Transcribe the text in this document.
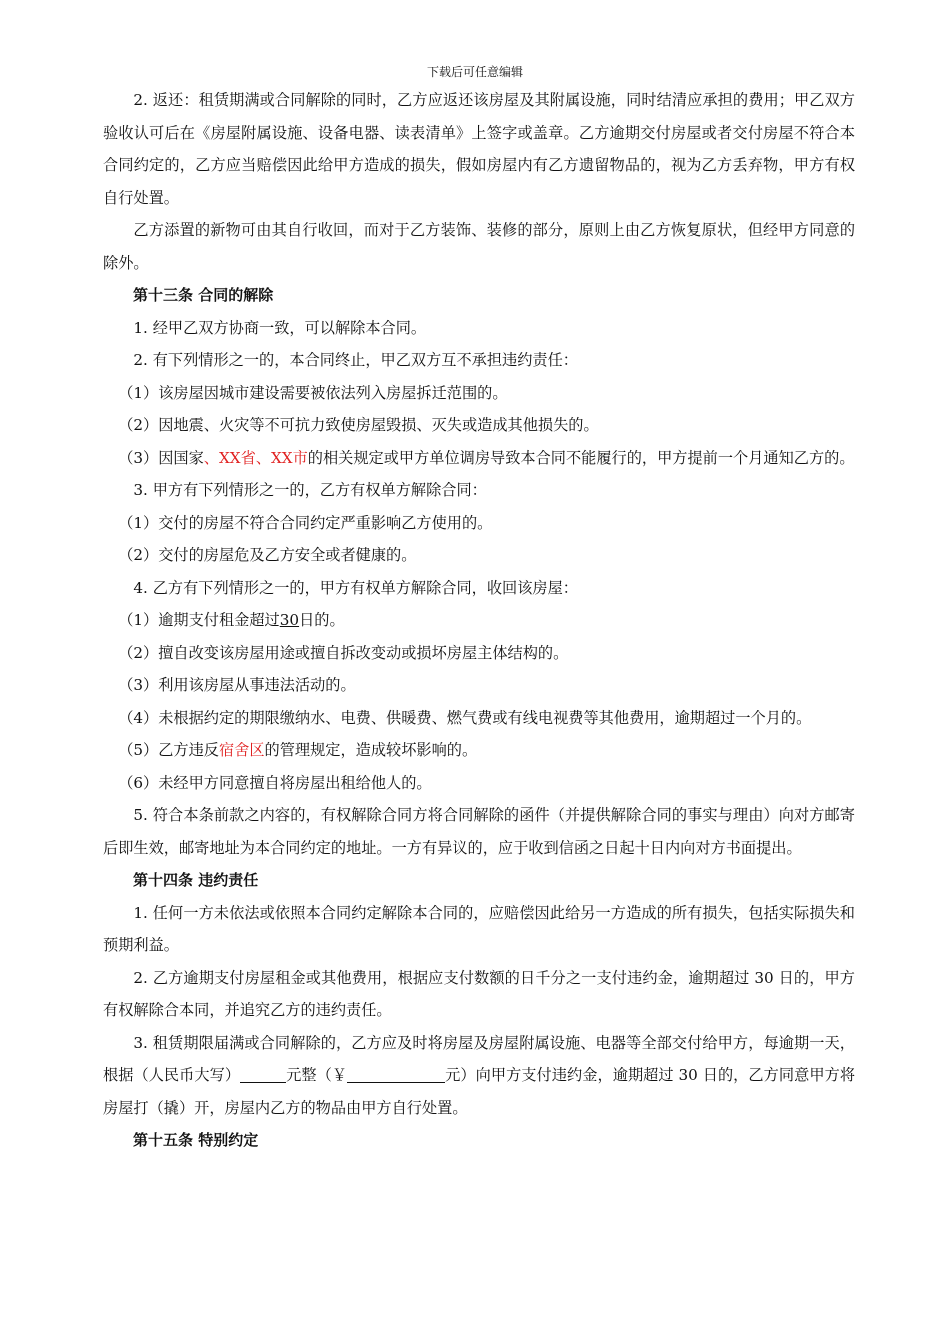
下载后可任意编辑

2. 返还：租赁期满或合同解除的同时，乙方应返还该房屋及其附属设施，同时结清应承担的费用；甲乙双方验收认可后在《房屋附属设施、设备电器、读表清单》上签字或盖章。乙方逾期交付房屋或者交付房屋不符合本合同约定的，乙方应当赔偿因此给甲方造成的损失，假如房屋内有乙方遗留物品的，视为乙方丢弃物，甲方有权自行处置。

乙方添置的新物可由其自行收回，而对于乙方装饰、装修的部分，原则上由乙方恢复原状，但经甲方同意的除外。

第十三条 合同的解除

1. 经甲乙双方协商一致，可以解除本合同。

2. 有下列情形之一的，本合同终止，甲乙双方互不承担违约责任：

（1）该房屋因城市建设需要被依法列入房屋拆迁范围的。

（2）因地震、火灾等不可抗力致使房屋毁损、灭失或造成其他损失的。

（3）因国家、XX省、XX市的相关规定或甲方单位调房导致本合同不能履行的，甲方提前一个月通知乙方的。

3. 甲方有下列情形之一的，乙方有权单方解除合同：

（1）交付的房屋不符合合同约定严重影响乙方使用的。

（2）交付的房屋危及乙方安全或者健康的。

4. 乙方有下列情形之一的，甲方有权单方解除合同，收回该房屋：

（1）逾期支付租金超过30日的。

（2）擅自改变该房屋用途或擅自拆改变动或损坏房屋主体结构的。

（3）利用该房屋从事违法活动的。

（4）未根据约定的期限缴纳水、电费、供暖费、燃气费或有线电视费等其他费用，逾期超过一个月的。

（5）乙方违反宿舍区的管理规定，造成较坏影响的。

（6）未经甲方同意擅自将房屋出租给他人的。

5. 符合本条前款之内容的，有权解除合同方将合同解除的函件（并提供解除合同的事实与理由）向对方邮寄后即生效，邮寄地址为本合同约定的地址。一方有异议的，应于收到信函之日起十日内向对方书面提出。

第十四条 违约责任

1. 任何一方未依法或依照本合同约定解除本合同的，应赔偿因此给另一方造成的所有损失，包括实际损失和预期利益。

2. 乙方逾期支付房屋租金或其他费用，根据应支付数额的日千分之一支付违约金，逾期超过 30 日的，甲方有权解除合本同，并追究乙方的违约责任。

3. 租赁期限届满或合同解除的，乙方应及时将房屋及房屋附属设施、电器等全部交付给甲方，每逾期一天，根据（人民币大写）	元整（￥	元）向甲方支付违约金，逾期超过 30 日的，乙方同意甲方将房屋打（撬）开，房屋内乙方的物品由甲方自行处置。

第十五条 特别约定
